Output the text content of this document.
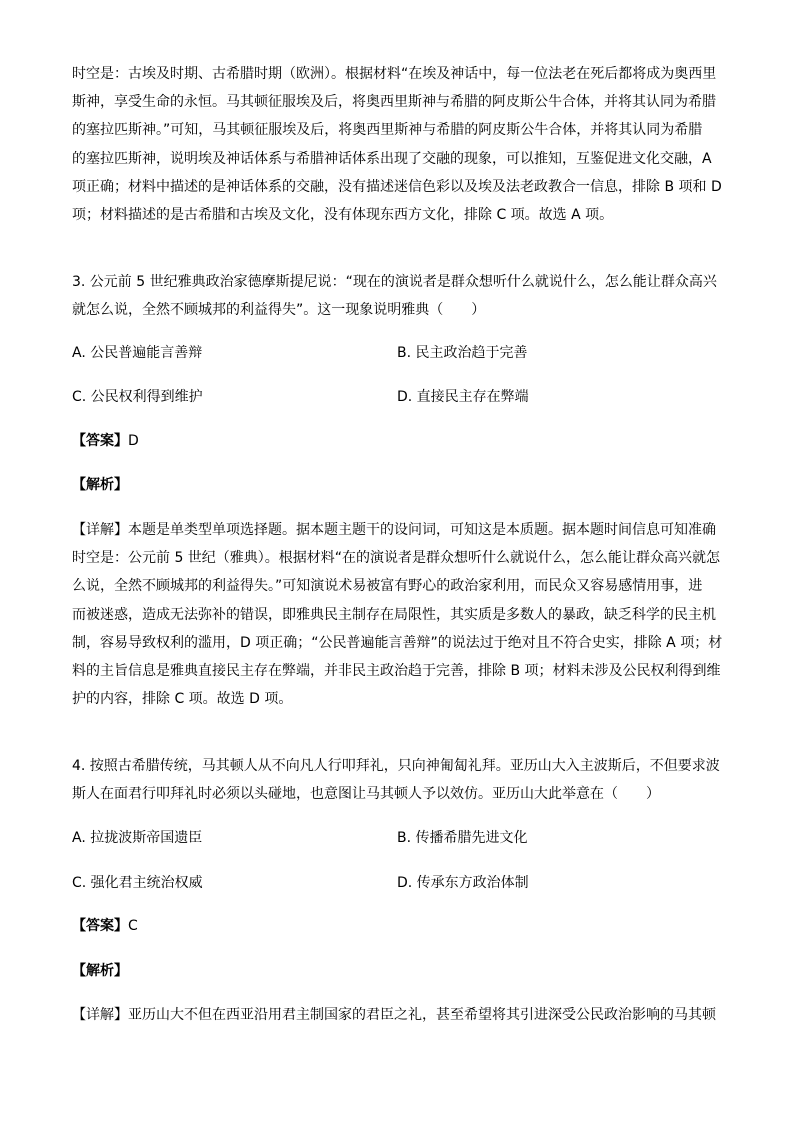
时空是：古埃及时期、古希腊时期（欧洲）。根据材料“在埃及神话中，每一位法老在死后都将成为奥西里
斯神，享受生命的永恒。马其顿征服埃及后，将奥西里斯神与希腊的阿皮斯公牛合体，并将其认同为希腊
的塞拉匹斯神。”可知，马其顿征服埃及后，将奥西里斯神与希腊的阿皮斯公牛合体，并将其认同为希腊
的塞拉匹斯神，说明埃及神话体系与希腊神话体系出现了交融的现象，可以推知，互鉴促进文化交融，A
项正确；材料中描述的是神话体系的交融，没有描述迷信色彩以及埃及法老政教合一信息，排除 B 项和 D
项；材料描述的是古希腊和古埃及文化，没有体现东西方文化，排除 C 项。故选 A 项。
3. 公元前 5 世纪雅典政治家德摩斯提尼说：“现在的演说者是群众想听什么就说什么，怎么能让群众高兴
就怎么说，全然不顾城邦的利益得失”。这一现象说明雅典（　　）
A. 公民普遍能言善辩	B. 民主政治趋于完善
C. 公民权利得到维护	D. 直接民主存在弊端
【答案】D
【解析】
【详解】本题是单类型单项选择题。据本题主题干的设问词，可知这是本质题。据本题时间信息可知准确
时空是：公元前 5 世纪（雅典）。根据材料“在的演说者是群众想听什么就说什么，怎么能让群众高兴就怎
么说，全然不顾城邦的利益得失。”可知演说术易被富有野心的政治家利用，而民众又容易感情用事，进
而被迷惑，造成无法弥补的错误，即雅典民主制存在局限性，其实质是多数人的暴政，缺乏科学的民主机
制，容易导致权利的滥用，D 项正确；“公民普遍能言善辩”的说法过于绝对且不符合史实，排除 A 项；材
料的主旨信息是雅典直接民主存在弊端，并非民主政治趋于完善，排除 B 项；材料未涉及公民权利得到维
护的内容，排除 C 项。故选 D 项。
4. 按照古希腊传统，马其顿人从不向凡人行叩拜礼，只向神匍匐礼拜。亚历山大入主波斯后，不但要求波
斯人在面君行叩拜礼时必须以头碰地，也意图让马其顿人予以效仿。亚历山大此举意在（　　）
A. 拉拢波斯帝国遗臣	B. 传播希腊先进文化
C. 强化君主统治权威	D. 传承东方政治体制
【答案】C
【解析】
【详解】亚历山大不但在西亚沿用君主制国家的君臣之礼，甚至希望将其引进深受公民政治影响的马其顿
